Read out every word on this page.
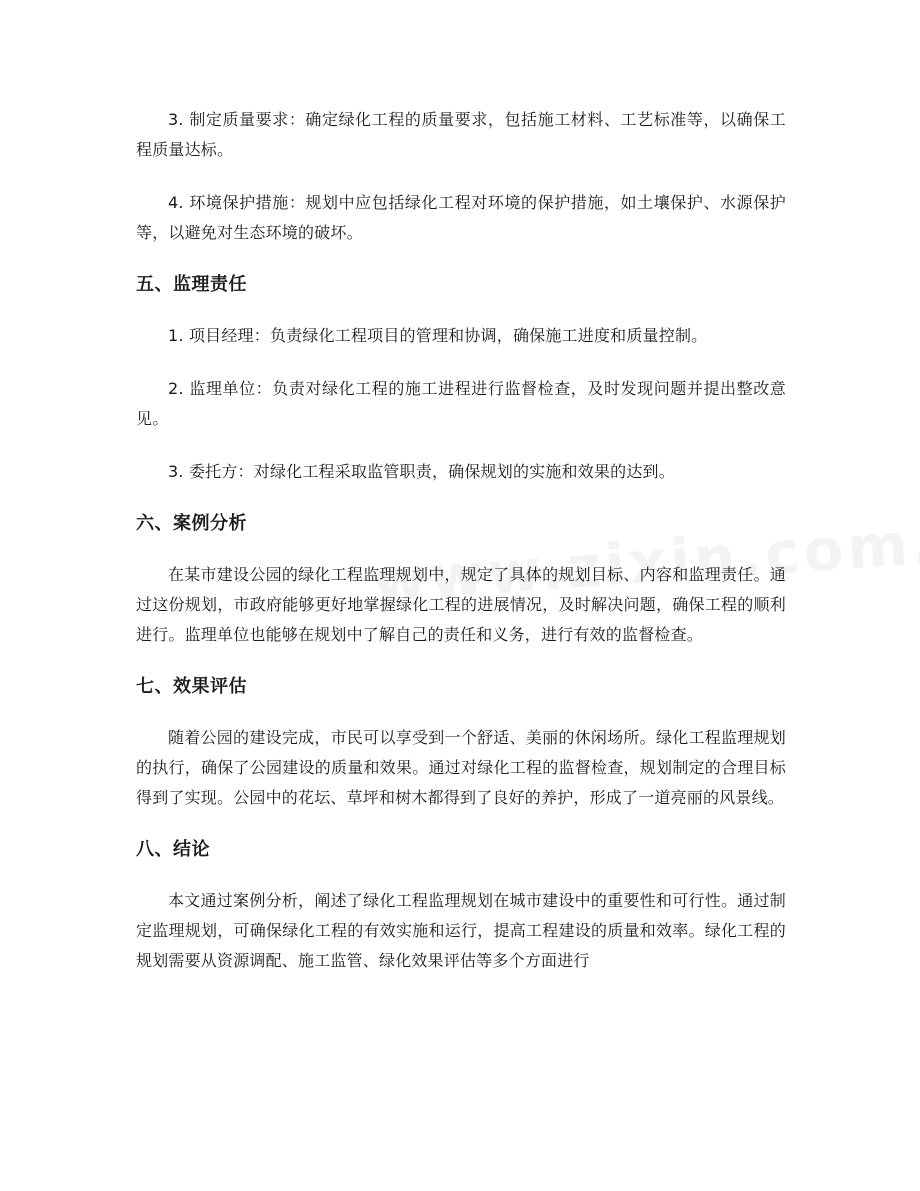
3. 制定质量要求：确定绿化工程的质量要求，包括施工材料、工艺标准等，以确保工程质量达标。

4. 环境保护措施：规划中应包括绿化工程对环境的保护措施，如土壤保护、水源保护等，以避免对生态环境的破坏。

五、监理责任

1. 项目经理：负责绿化工程项目的管理和协调，确保施工进度和质量控制。

2. 监理单位：负责对绿化工程的施工进程进行监督检查，及时发现问题并提出整改意见。

3. 委托方：对绿化工程采取监管职责，确保规划的实施和效果的达到。

六、案例分析

在某市建设公园的绿化工程监理规划中，规定了具体的规划目标、内容和监理责任。通过这份规划，市政府能够更好地掌握绿化工程的进展情况，及时解决问题，确保工程的顺利进行。监理单位也能够在规划中了解自己的责任和义务，进行有效的监督检查。

七、效果评估

随着公园的建设完成，市民可以享受到一个舒适、美丽的休闲场所。绿化工程监理规划的执行，确保了公园建设的质量和效果。通过对绿化工程的监督检查，规划制定的合理目标得到了实现。公园中的花坛、草坪和树木都得到了良好的养护，形成了一道亮丽的风景线。

八、结论

本文通过案例分析，阐述了绿化工程监理规划在城市建设中的重要性和可行性。通过制定监理规划，可确保绿化工程的有效实施和运行，提高工程建设的质量和效率。绿化工程的规划需要从资源调配、施工监管、绿化效果评估等多个方面进行
